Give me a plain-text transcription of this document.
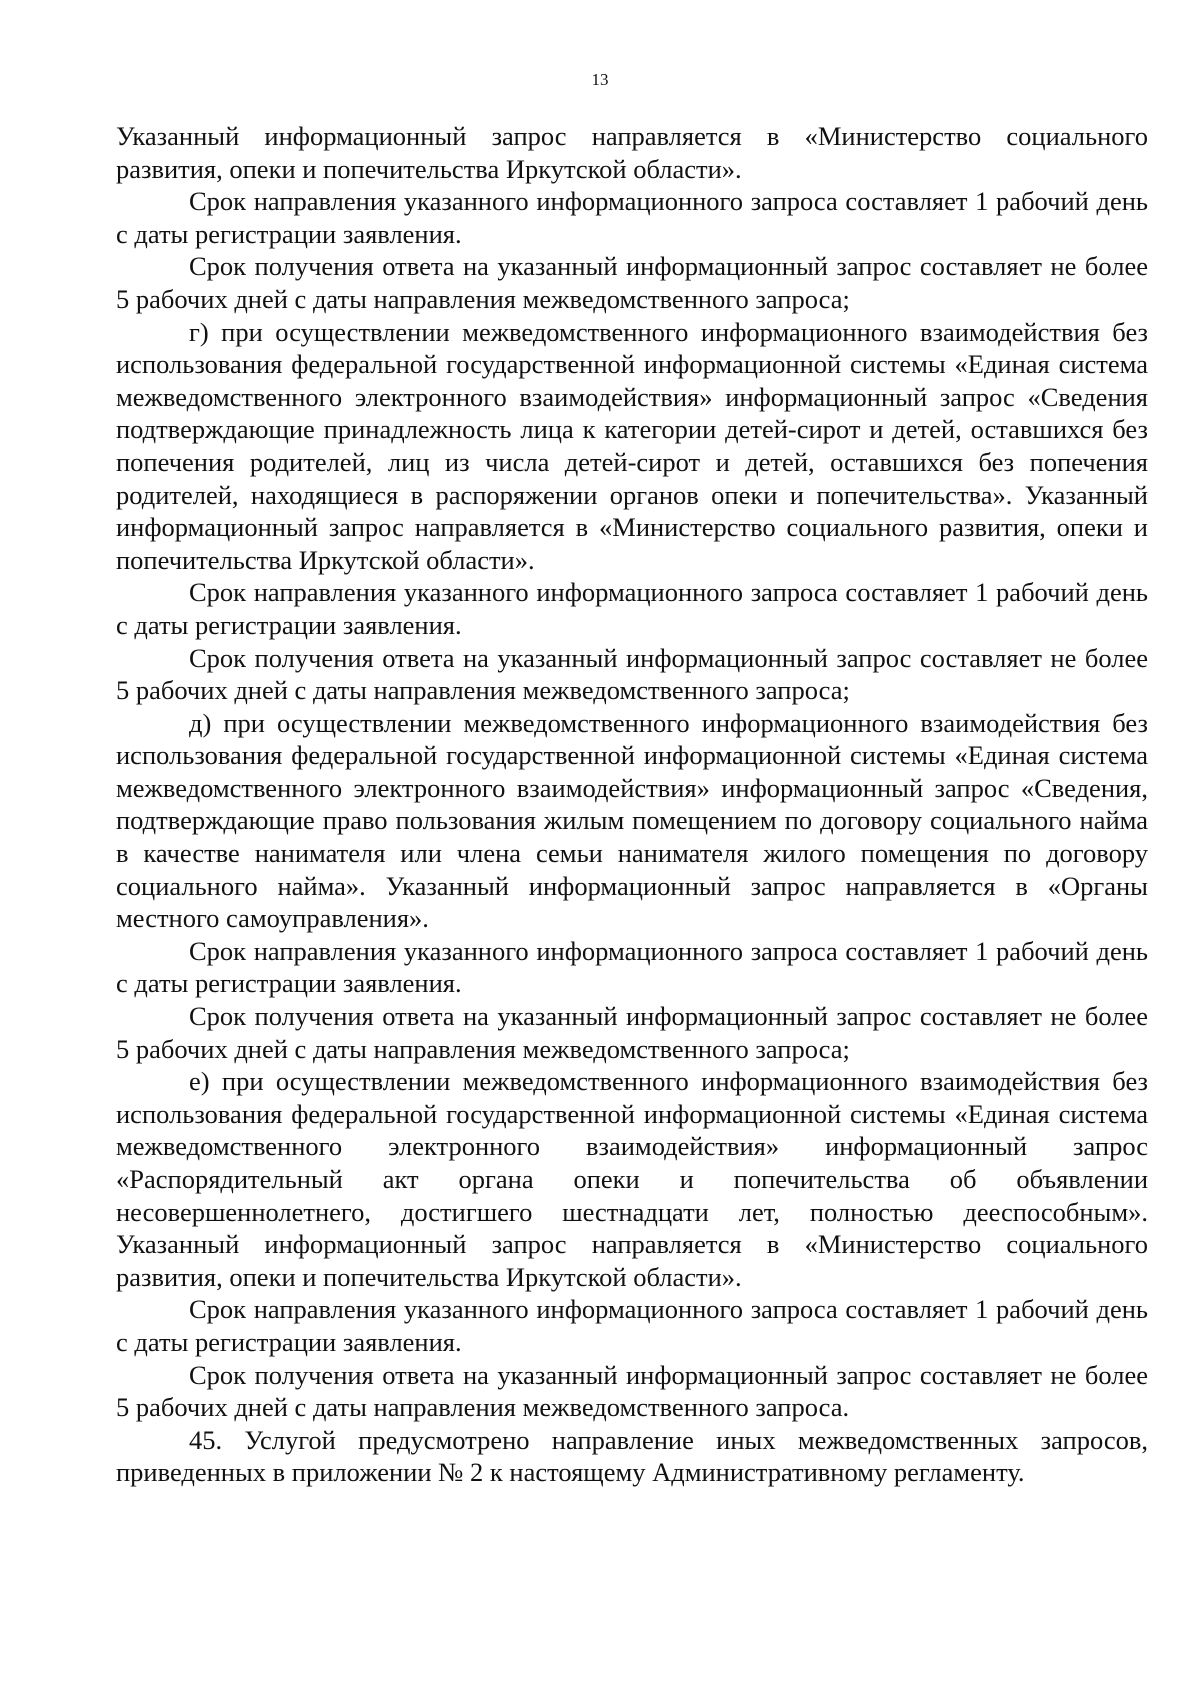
13

Указанный информационный запрос направляется в «Министерство социального развития, опеки и попечительства Иркутской области».

Срок направления указанного информационного запроса составляет 1 рабочий день с даты регистрации заявления.

Срок получения ответа на указанный информационный запрос составляет не более 5 рабочих дней с даты направления межведомственного запроса;

г) при осуществлении межведомственного информационного взаимодействия без использования федеральной государственной информационной системы «Единая система межведомственного электронного взаимодействия» информационный запрос «Сведения подтверждающие принадлежность лица к категории детей-сирот и детей, оставшихся без попечения родителей, лиц из числа детей-сирот и детей, оставшихся без попечения родителей, находящиеся в распоряжении органов опеки и попечительства». Указанный информационный запрос направляется в «Министерство социального развития, опеки и попечительства Иркутской области».

Срок направления указанного информационного запроса составляет 1 рабочий день с даты регистрации заявления.

Срок получения ответа на указанный информационный запрос составляет не более 5 рабочих дней с даты направления межведомственного запроса;

д) при осуществлении межведомственного информационного взаимодействия без использования федеральной государственной информационной системы «Единая система межведомственного электронного взаимодействия» информационный запрос «Сведения, подтверждающие право пользования жилым помещением по договору социального найма в качестве нанимателя или члена семьи нанимателя жилого помещения по договору социального найма». Указанный информационный запрос направляется в «Органы местного самоуправления».

Срок направления указанного информационного запроса составляет 1 рабочий день с даты регистрации заявления.

Срок получения ответа на указанный информационный запрос составляет не более 5 рабочих дней с даты направления межведомственного запроса;

е) при осуществлении межведомственного информационного взаимодействия без использования федеральной государственной информационной системы «Единая система межведомственного электронного взаимодействия» информационный запрос «Распорядительный акт органа опеки и попечительства об объявлении несовершеннолетнего, достигшего шестнадцати лет, полностью дееспособным». Указанный информационный запрос направляется в «Министерство социального развития, опеки и попечительства Иркутской области».

Срок направления указанного информационного запроса составляет 1 рабочий день с даты регистрации заявления.

Срок получения ответа на указанный информационный запрос составляет не более 5 рабочих дней с даты направления межведомственного запроса.

45. Услугой предусмотрено направление иных межведомственных запросов, приведенных в приложении № 2 к настоящему Административному регламенту.
